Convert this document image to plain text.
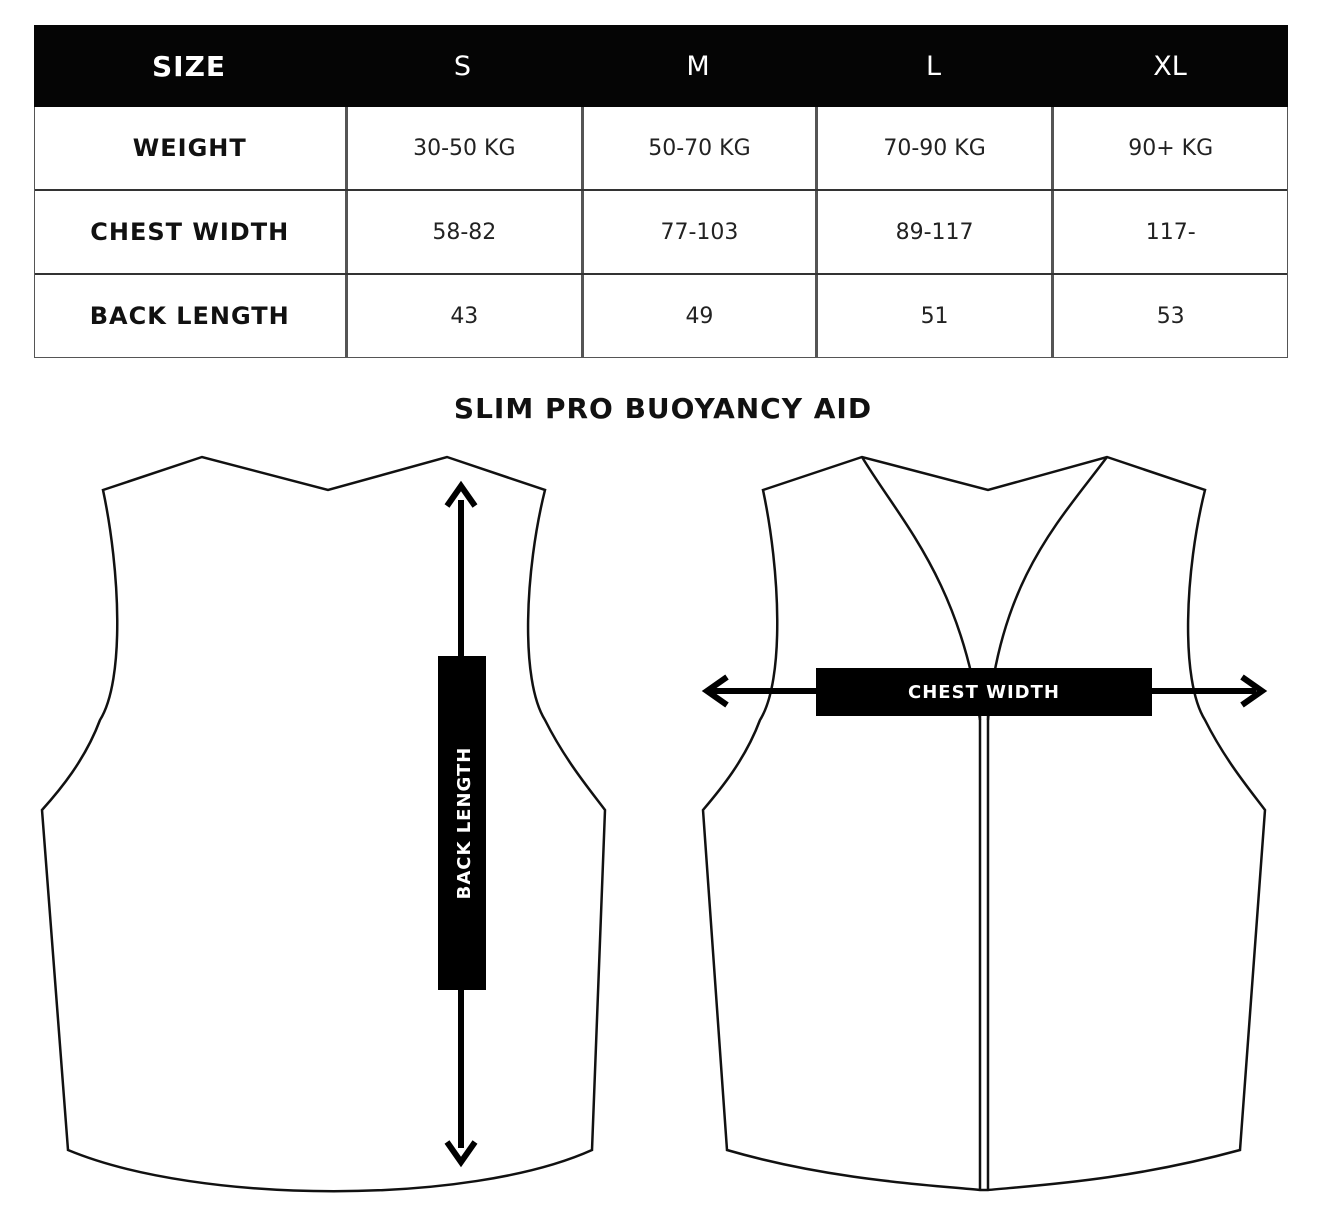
SIZE	S	M	L	XL
WEIGHT	30-50 KG	50-70 KG	70-90 KG	90+ KG
CHEST WIDTH	58-82	77-103	89-117	117-
BACK LENGTH	43	49	51	53
SLIM PRO BUOYANCY AID
BACK LENGTH
CHEST WIDTH
